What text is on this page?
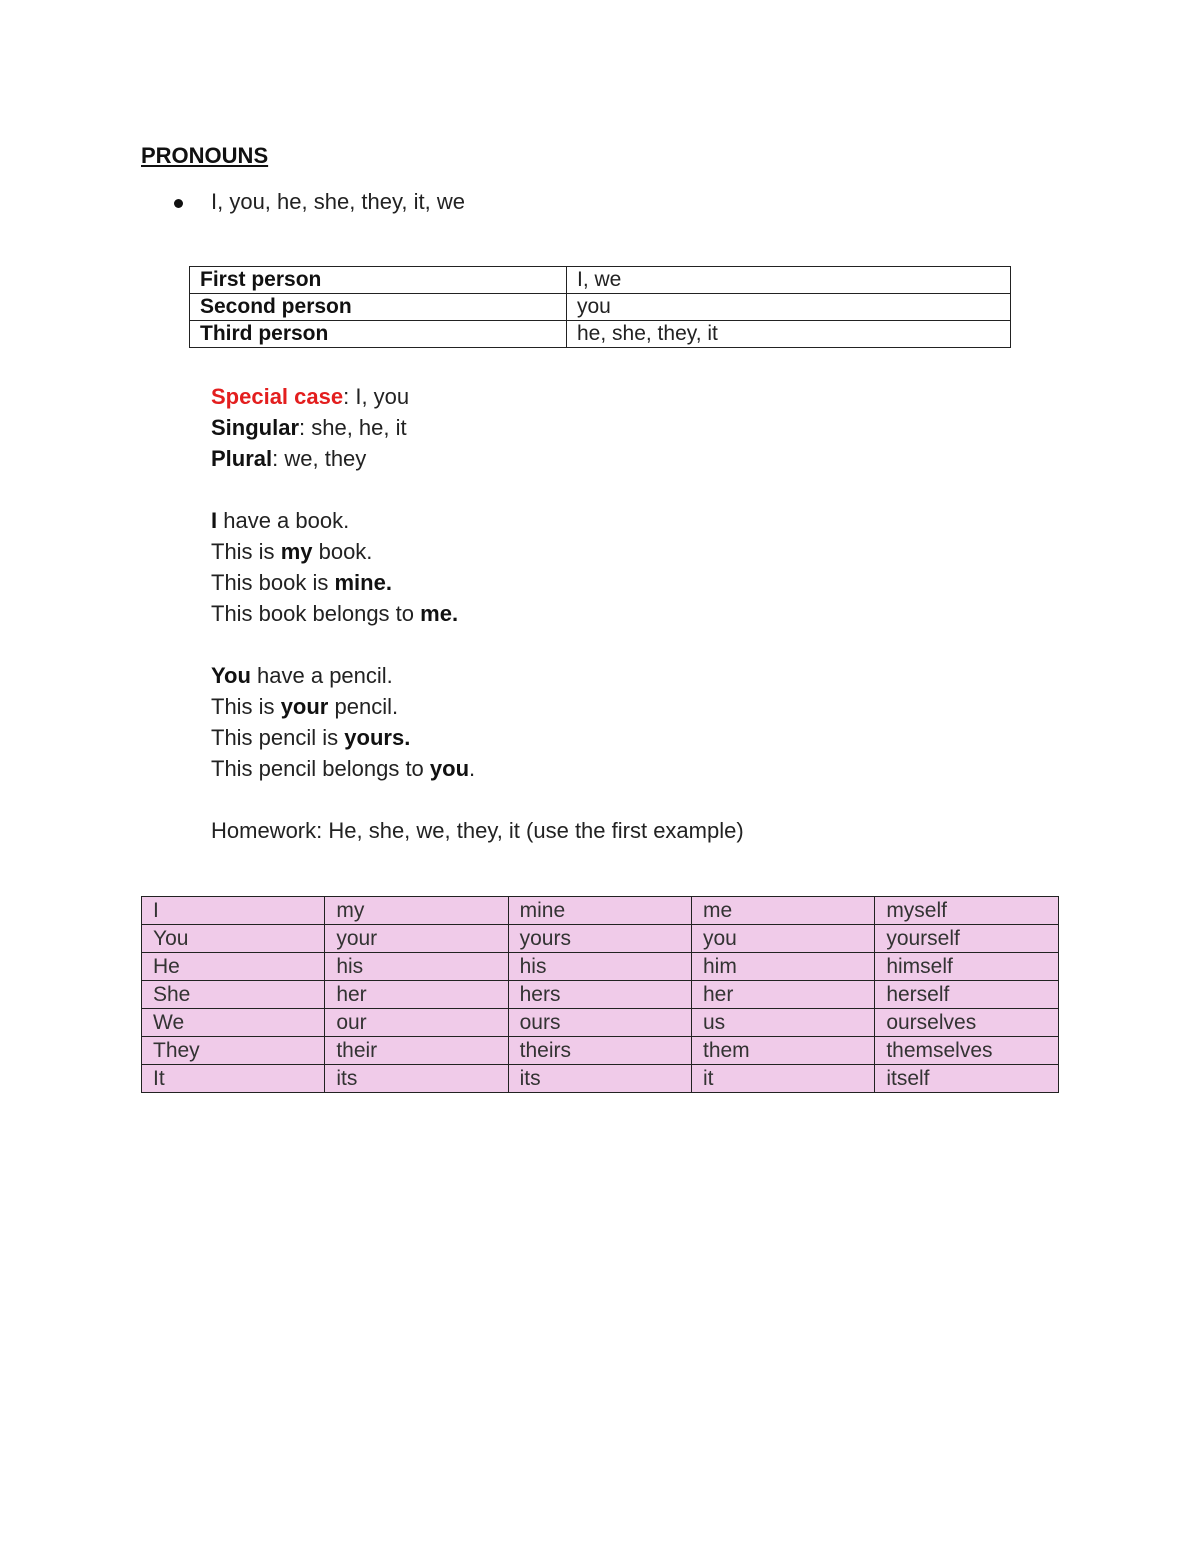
PRONOUNS
I, you, he, she, they, it, we
First person	I, we
Second person	you
Third person	he, she, they, it

Special case: I, you

Singular: she, he, it

Plural: we, they

I have a book.

This is my book.

This book is mine.

This book belongs to me.

You have a pencil.

This is your pencil.

This pencil is yours.

This pencil belongs to you.

Homework: He, she, we, they, it (use the first example)

I	my	mine	me	myself
You	your	yours	you	yourself
He	his	his	him	himself
She	her	hers	her	herself
We	our	ours	us	ourselves
They	their	theirs	them	themselves
It	its	its	it	itself
